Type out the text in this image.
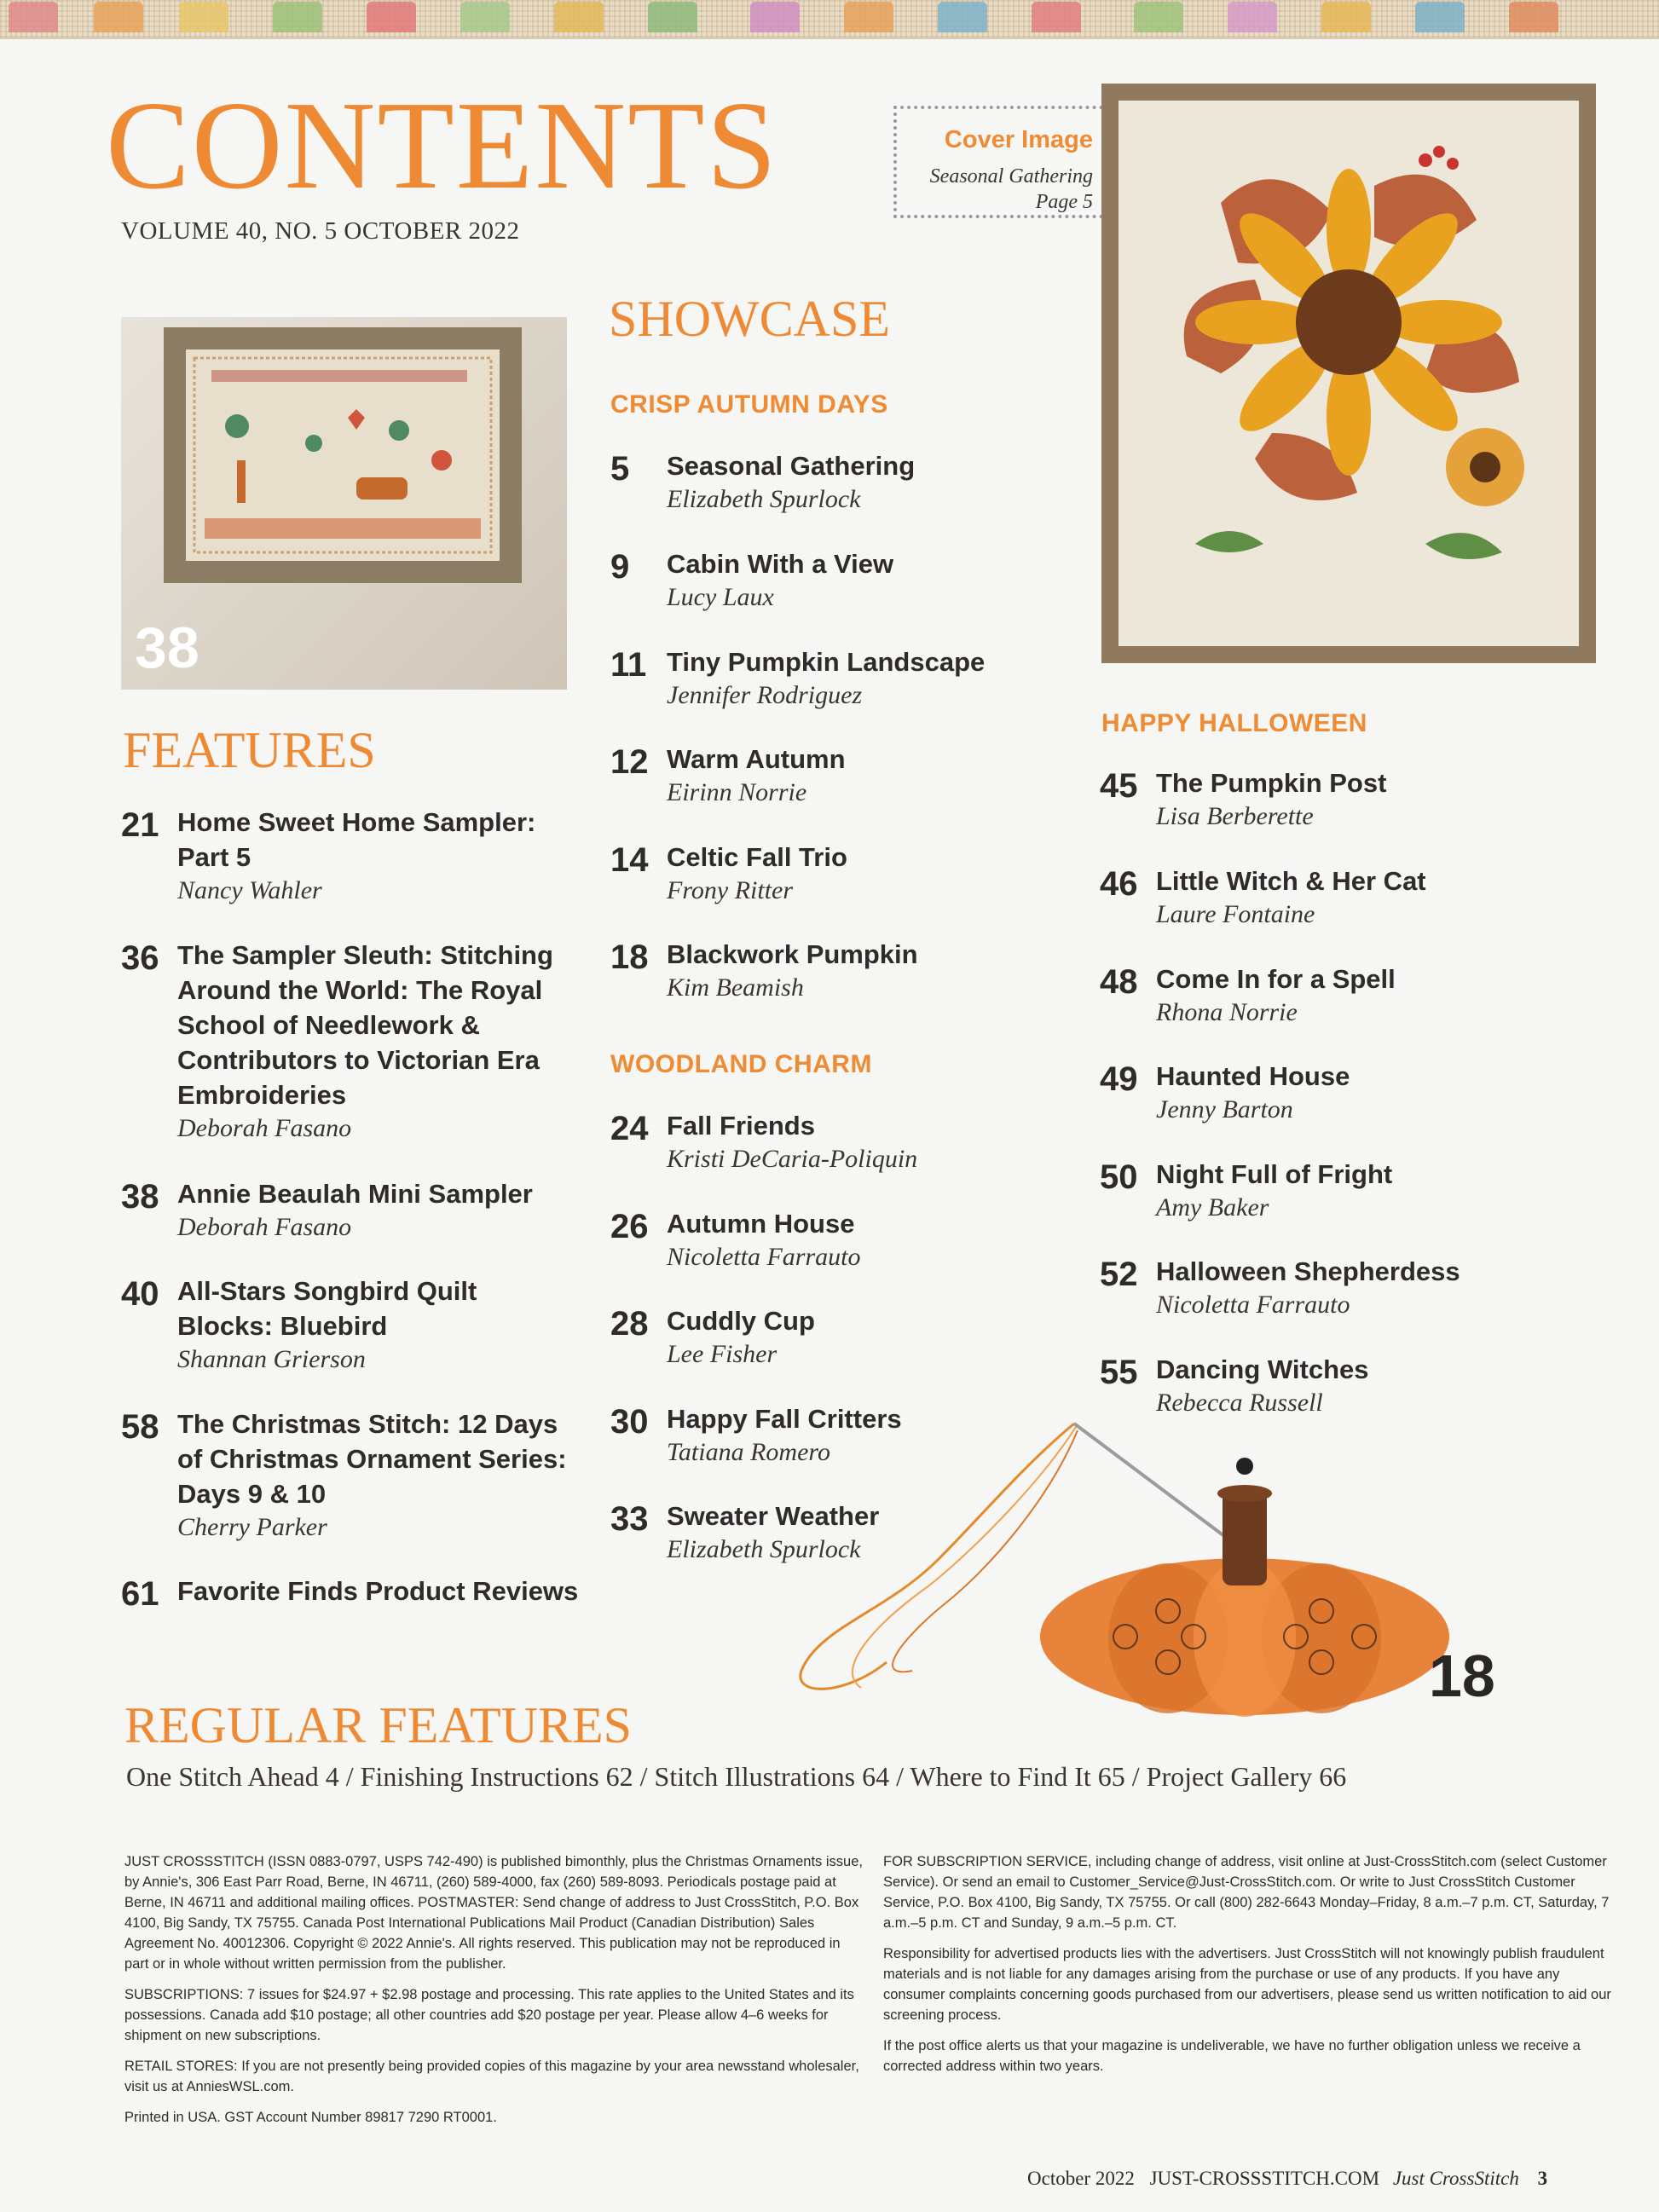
CONTENTS
VOLUME 40, NO. 5 OCTOBER 2022
Cover Image
Seasonal Gathering
Page 5
38
FEATURES
21 Home Sweet Home Sampler: Part 5
Nancy Wahler
36 The Sampler Sleuth: Stitching Around the World: The Royal School of Needlework & Contributors to Victorian Era Embroideries
Deborah Fasano
38 Annie Beaulah Mini Sampler
Deborah Fasano
40 All-Stars Songbird Quilt Blocks: Bluebird
Shannan Grierson
58 The Christmas Stitch: 12 Days of Christmas Ornament Series: Days 9 & 10
Cherry Parker
61 Favorite Finds Product Reviews
SHOWCASE
CRISP AUTUMN DAYS
5	Seasonal Gathering
Elizabeth Spurlock
9	Cabin With a View
Lucy Laux
11 Tiny Pumpkin Landscape
Jennifer Rodriguez
12 Warm Autumn
Eirinn Norrie
14 Celtic Fall Trio
Frony Ritter
18 Blackwork Pumpkin
Kim Beamish
WOODLAND CHARM
24 Fall Friends
Kristi DeCaria-Poliquin
26 Autumn House
Nicoletta Farrauto
28 Cuddly Cup
Lee Fisher
30 Happy Fall Critters
Tatiana Romero
33 Sweater Weather
Elizabeth Spurlock
HAPPY HALLOWEEN
45 The Pumpkin Post
Lisa Berberette
46 Little Witch & Her Cat
Laure Fontaine
48 Come In for a Spell
Rhona Norrie
49 Haunted House
Jenny Barton
50 Night Full of Fright
Amy Baker
52 Halloween Shepherdess
Nicoletta Farrauto
55 Dancing Witches
Rebecca Russell
18
REGULAR FEATURES
One Stitch Ahead 4 / Finishing Instructions 62 / Stitch Illustrations 64 / Where to Find It 65 / Project Gallery 66

JUST CROSSSTITCH (ISSN 0883-0797, USPS 742-490) is published bimonthly, plus the Christmas Ornaments issue, by Annie's, 306 East Parr Road, Berne, IN 46711, (260) 589-4000, fax (260) 589-8093. Periodicals postage paid at Berne, IN 46711 and additional mailing offices. POSTMASTER: Send change of address to Just CrossStitch, P.O. Box 4100, Big Sandy, TX 75755. Canada Post International Publications Mail Product (Canadian Distribution) Sales Agreement No. 40012306. Copyright © 2022 Annie's. All rights reserved. This publication may not be reproduced in part or in whole without written permission from the publisher.

SUBSCRIPTIONS: 7 issues for $24.97 + $2.98 postage and processing. This rate applies to the United States and its possessions. Canada add $10 postage; all other countries add $20 postage per year. Please allow 4–6 weeks for shipment on new subscriptions.

RETAIL STORES: If you are not presently being provided copies of this magazine by your area newsstand wholesaler, visit us at AnniesWSL.com.

Printed in USA. GST Account Number 89817 7290 RT0001.

FOR SUBSCRIPTION SERVICE, including change of address, visit online at Just-CrossStitch.com (select Customer Service). Or send an email to Customer_Service@Just-CrossStitch.com. Or write to Just CrossStitch Customer Service, P.O. Box 4100, Big Sandy, TX 75755. Or call (800) 282-6643 Monday–Friday, 8 a.m.–7 p.m. CT, Saturday, 7 a.m.–5 p.m. CT and Sunday, 9 a.m.–5 p.m. CT.

Responsibility for advertised products lies with the advertisers. Just CrossStitch will not knowingly publish fraudulent materials and is not liable for any damages arising from the purchase or use of any products. If you have any consumer complaints concerning goods purchased from our advertisers, please send us written notification to aid our screening process.

If the post office alerts us that your magazine is undeliverable, we have no further obligation unless we receive a corrected address within two years.

October 2022 JUST-CROSSSTITCH.COM Just CrossStitch 3
